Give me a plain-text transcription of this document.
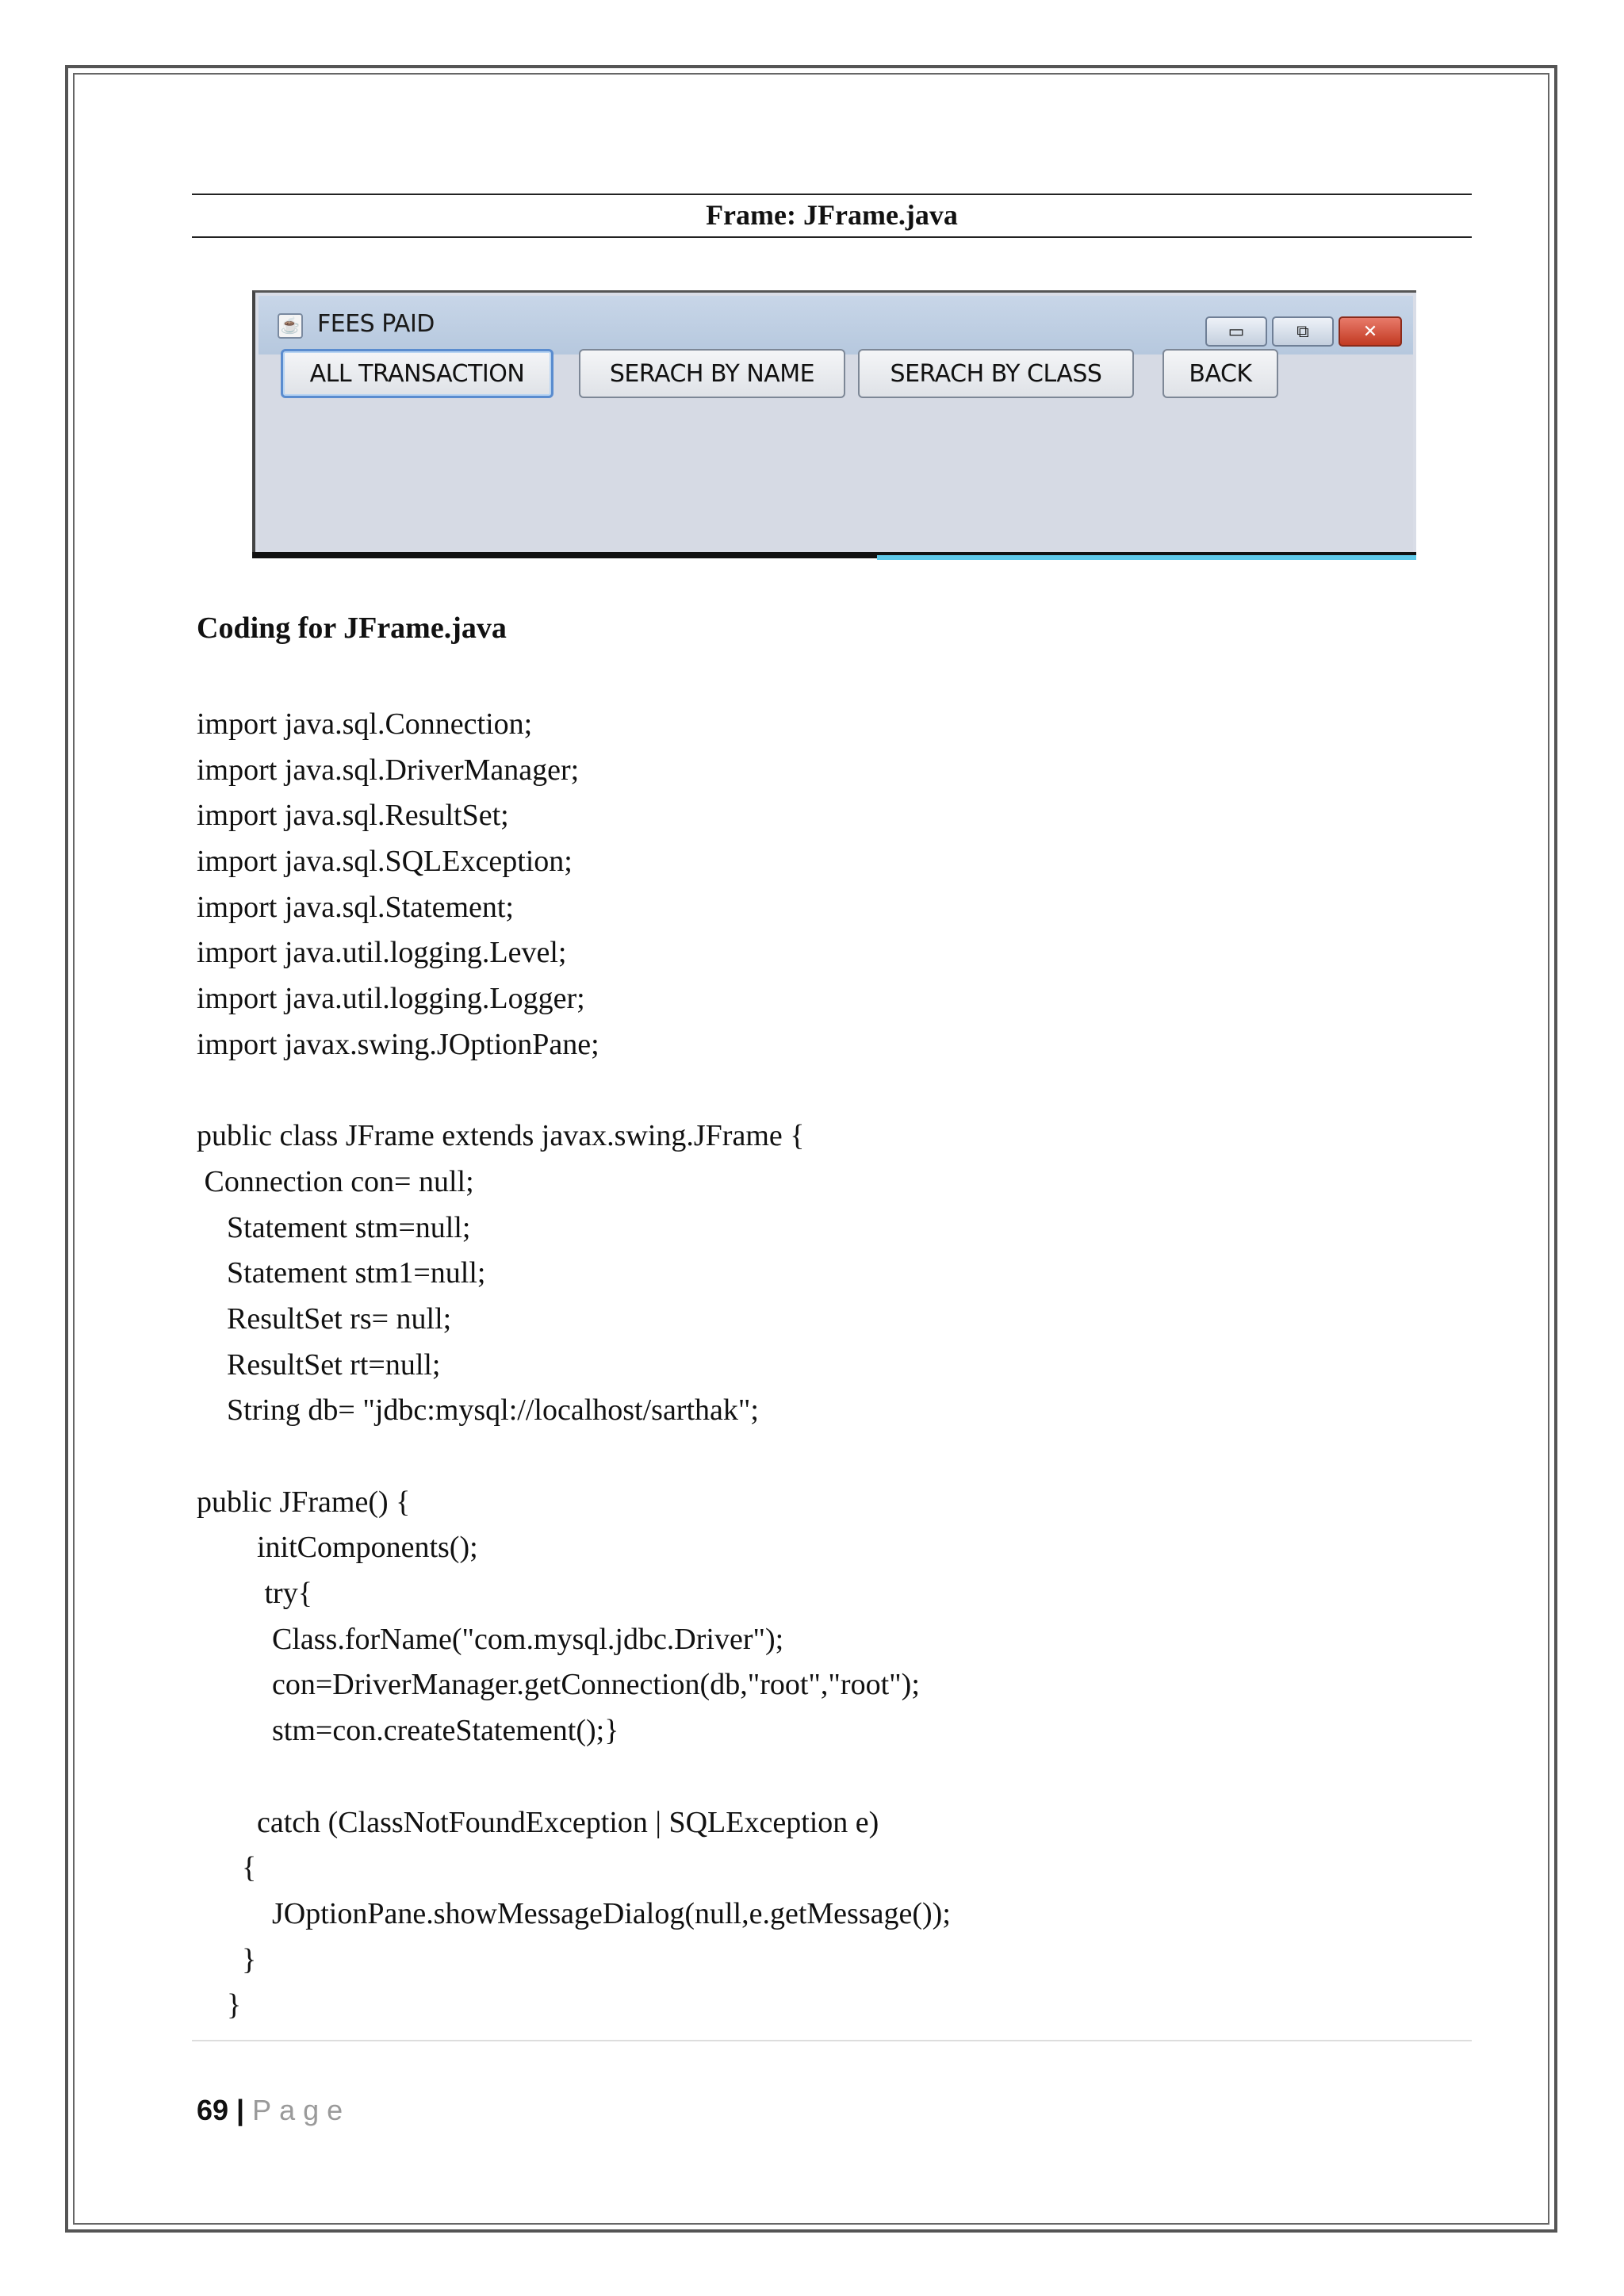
Frame: JFrame.java
☕ FEES PAID	▭	⧉	✕
ALL TRANSACTION	SERACH BY NAME	SERACH BY CLASS	BACK
Coding for JFrame.java
import java.sql.Connection;
import java.sql.DriverManager;
import java.sql.ResultSet;
import java.sql.SQLException;
import java.sql.Statement;
import java.util.logging.Level;
import java.util.logging.Logger;
import javax.swing.JOptionPane;
public class JFrame extends javax.swing.JFrame {
Connection con= null;
Statement stm=null;
Statement stm1=null;
ResultSet rs= null;
ResultSet rt=null;
String db= "jdbc:mysql://localhost/sarthak";
public JFrame() {
initComponents();
try{
Class.forName("com.mysql.jdbc.Driver");
con=DriverManager.getConnection(db,"root","root");
stm=con.createStatement();}
catch (ClassNotFoundException | SQLException e)
{
JOptionPane.showMessageDialog(null,e.getMessage());
}
}
69 | Page
